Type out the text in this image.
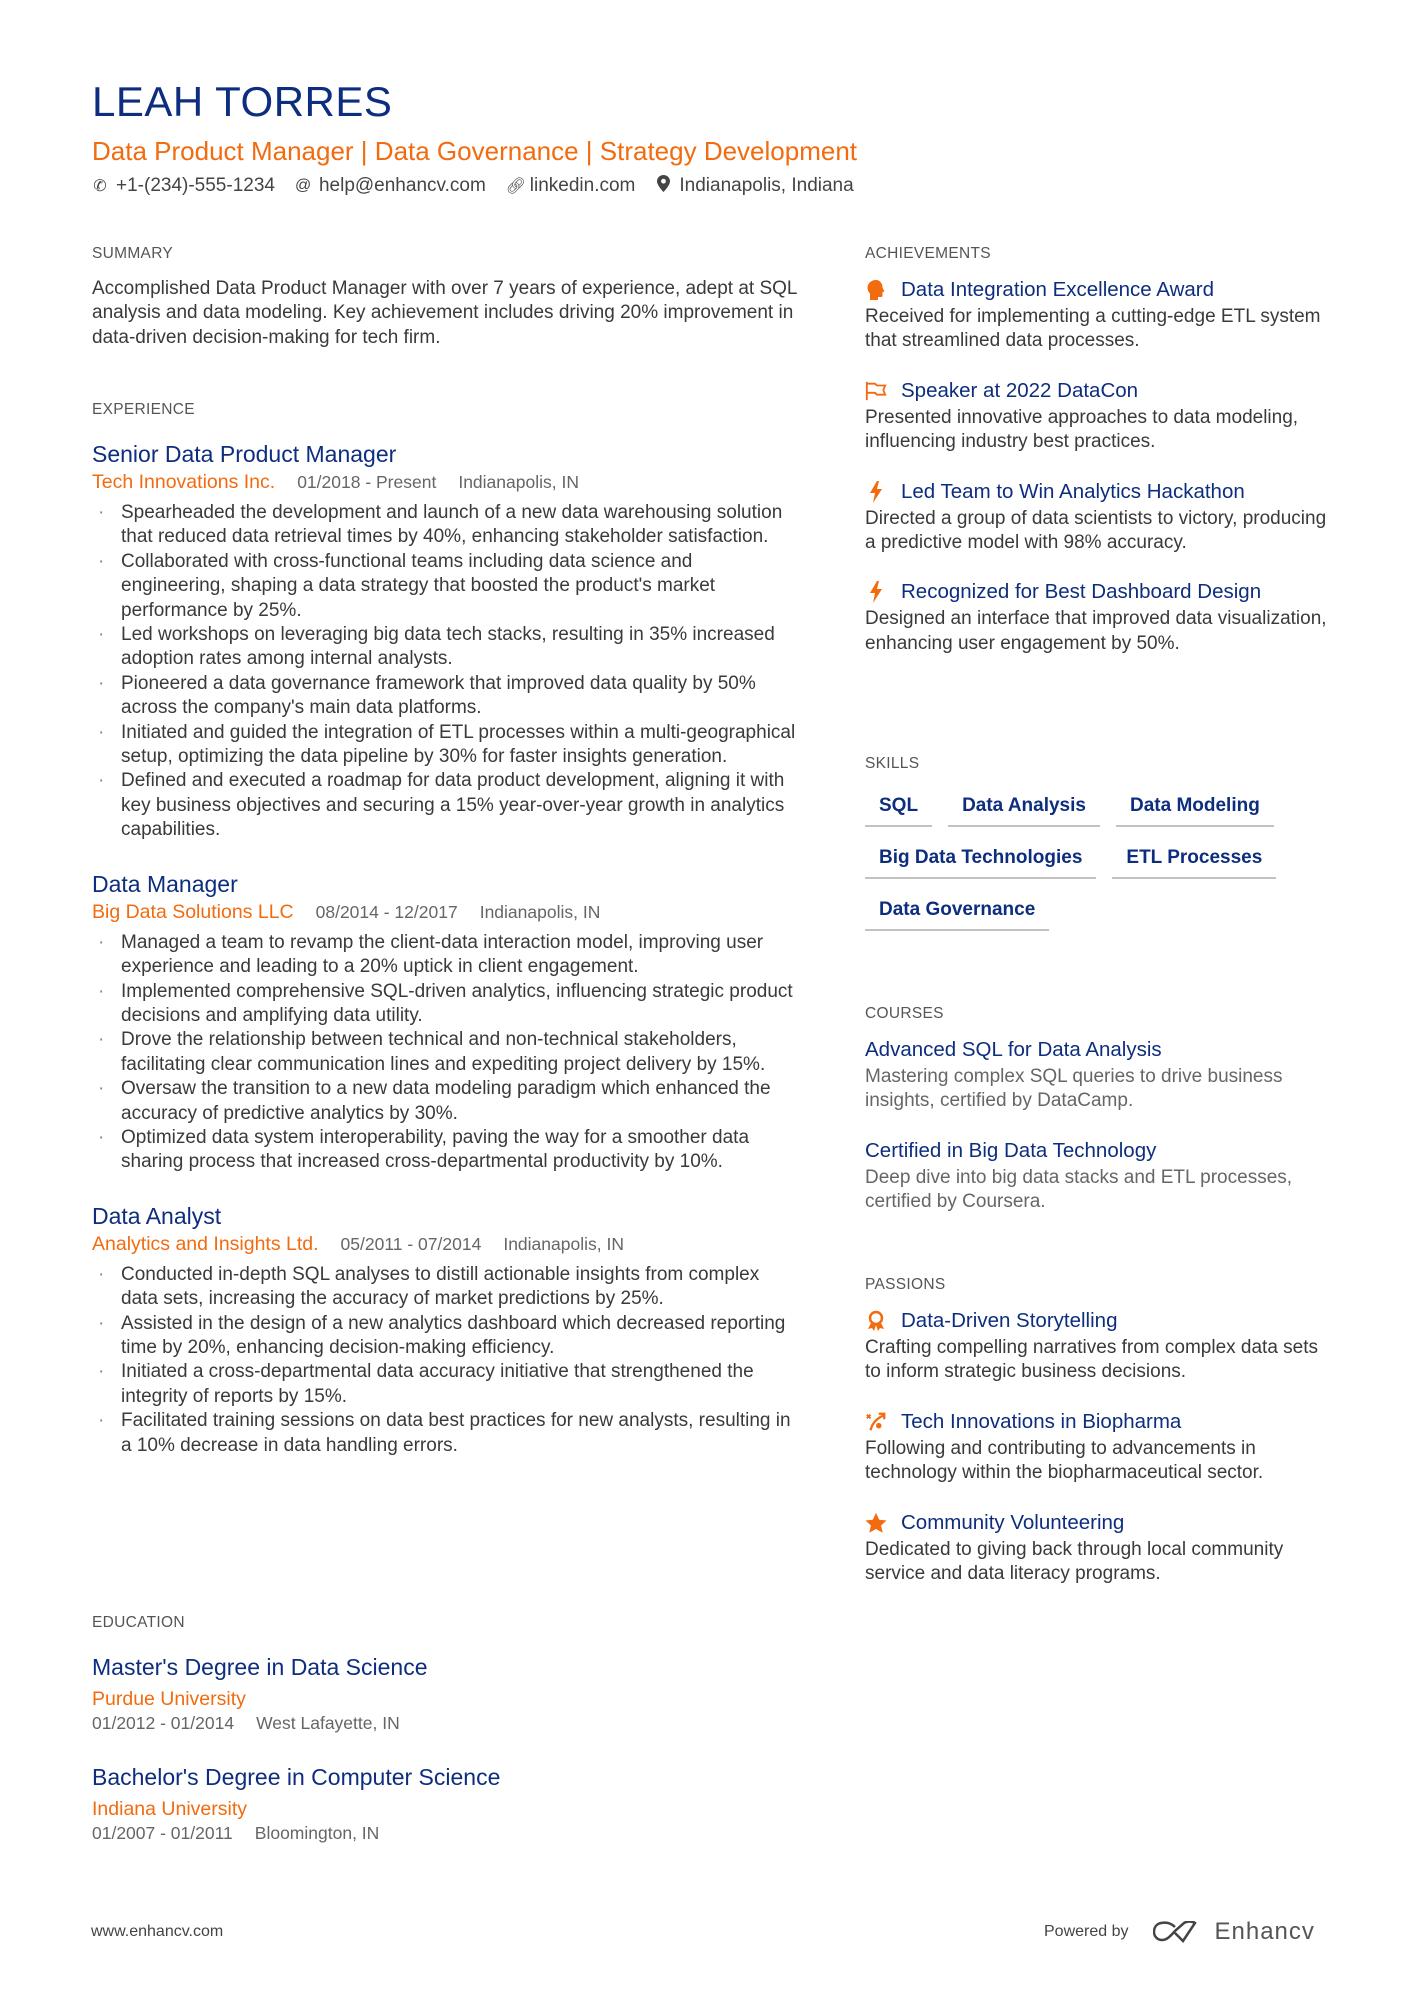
LEAH TORRES
Data Product Manager | Data Governance | Strategy Development
✆ +1-(234)-555-1234 @ help@enhancv.com 🔗︎ linkedin.com Indianapolis, Indiana
SUMMARY
Accomplished Data Product Manager with over 7 years of experience, adept at SQL analysis and data modeling. Key achievement includes driving 20% improvement in data-driven decision-making for tech firm.
EXPERIENCE
Senior Data Product Manager
Tech Innovations Inc. 01/2018 - Present Indianapolis, IN
· Spearheaded the development and launch of a new data warehousing solution that reduced data retrieval times by 40%, enhancing stakeholder satisfaction.
· Collaborated with cross-functional teams including data science and engineering, shaping a data strategy that boosted the product's market performance by 25%.
· Led workshops on leveraging big data tech stacks, resulting in 35% increased adoption rates among internal analysts.
· Pioneered a data governance framework that improved data quality by 50% across the company's main data platforms.
· Initiated and guided the integration of ETL processes within a multi-geographical setup, optimizing the data pipeline by 30% for faster insights generation.
· Defined and executed a roadmap for data product development, aligning it with key business objectives and securing a 15% year-over-year growth in analytics capabilities.
Data Manager
Big Data Solutions LLC 08/2014 - 12/2017 Indianapolis, IN
· Managed a team to revamp the client-data interaction model, improving user experience and leading to a 20% uptick in client engagement.
· Implemented comprehensive SQL-driven analytics, influencing strategic product decisions and amplifying data utility.
· Drove the relationship between technical and non-technical stakeholders, facilitating clear communication lines and expediting project delivery by 15%.
· Oversaw the transition to a new data modeling paradigm which enhanced the accuracy of predictive analytics by 30%.
· Optimized data system interoperability, paving the way for a smoother data sharing process that increased cross-departmental productivity by 10%.
Data Analyst
Analytics and Insights Ltd. 05/2011 - 07/2014 Indianapolis, IN
· Conducted in-depth SQL analyses to distill actionable insights from complex data sets, increasing the accuracy of market predictions by 25%.
· Assisted in the design of a new analytics dashboard which decreased reporting time by 20%, enhancing decision-making efficiency.
· Initiated a cross-departmental data accuracy initiative that strengthened the integrity of reports by 15%.
· Facilitated training sessions on data best practices for new analysts, resulting in a 10% decrease in data handling errors.
EDUCATION
Master's Degree in Data Science
Purdue University
01/2012 - 01/2014 West Lafayette, IN
Bachelor's Degree in Computer Science
Indiana University
01/2007 - 01/2011 Bloomington, IN
ACHIEVEMENTS
Data Integration Excellence Award
Received for implementing a cutting-edge ETL system that streamlined data processes.
Speaker at 2022 DataCon
Presented innovative approaches to data modeling, influencing industry best practices.
Led Team to Win Analytics Hackathon
Directed a group of data scientists to victory, producing a predictive model with 98% accuracy.
Recognized for Best Dashboard Design
Designed an interface that improved data visualization, enhancing user engagement by 50%.
SKILLS
SQL	Data Analysis	Data Modeling
Big Data Technologies	ETL Processes
Data Governance
COURSES
Advanced SQL for Data Analysis
Mastering complex SQL queries to drive business insights, certified by DataCamp.
Certified in Big Data Technology
Deep dive into big data stacks and ETL processes, certified by Coursera.
PASSIONS
Data-Driven Storytelling
Crafting compelling narratives from complex data sets to inform strategic business decisions.
Tech Innovations in Biopharma
Following and contributing to advancements in technology within the biopharmaceutical sector.
Community Volunteering
Dedicated to giving back through local community service and data literacy programs.
www.enhancv.com	Powered by	Enhancv
